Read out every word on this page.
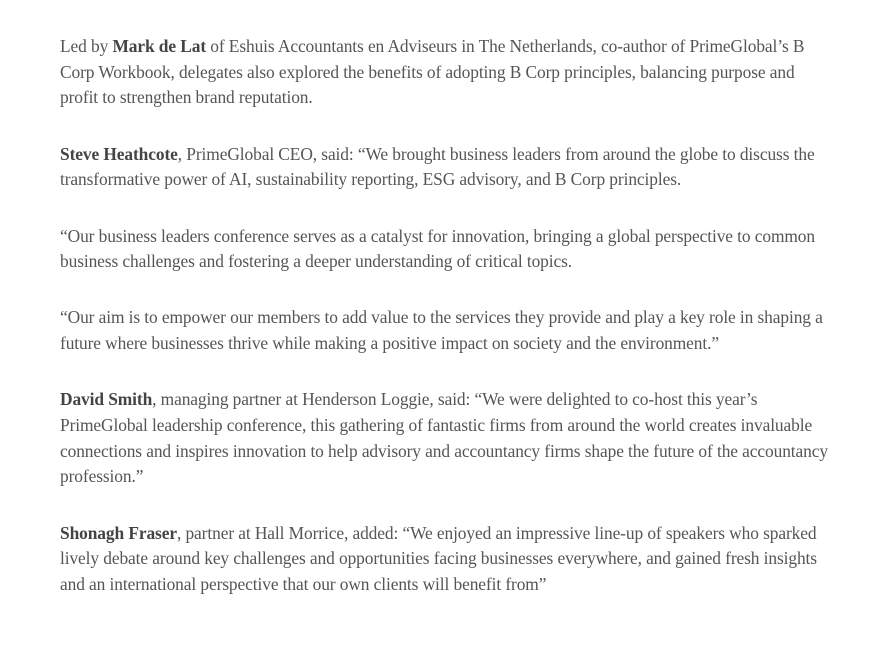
Led by Mark de Lat of Eshuis Accountants en Adviseurs in The Netherlands, co-author of PrimeGlobal’s B Corp Workbook, delegates also explored the benefits of adopting B Corp principles, balancing purpose and profit to strengthen brand reputation.

Steve Heathcote, PrimeGlobal CEO, said: “We brought business leaders from around the globe to discuss the transformative power of AI, sustainability reporting, ESG advisory, and B Corp principles.

“Our business leaders conference serves as a catalyst for innovation, bringing a global perspective to common business challenges and fostering a deeper understanding of critical topics.

“Our aim is to empower our members to add value to the services they provide and play a key role in shaping a future where businesses thrive while making a positive impact on society and the environment.”

David Smith, managing partner at Henderson Loggie, said: “We were delighted to co-host this year’s PrimeGlobal leadership conference, this gathering of fantastic firms from around the world creates invaluable connections and inspires innovation to help advisory and accountancy firms shape the future of the accountancy profession.”

Shonagh Fraser, partner at Hall Morrice, added: “We enjoyed an impressive line-up of speakers who sparked lively debate around key challenges and opportunities facing businesses everywhere, and gained fresh insights and an international perspective that our own clients will benefit from”
